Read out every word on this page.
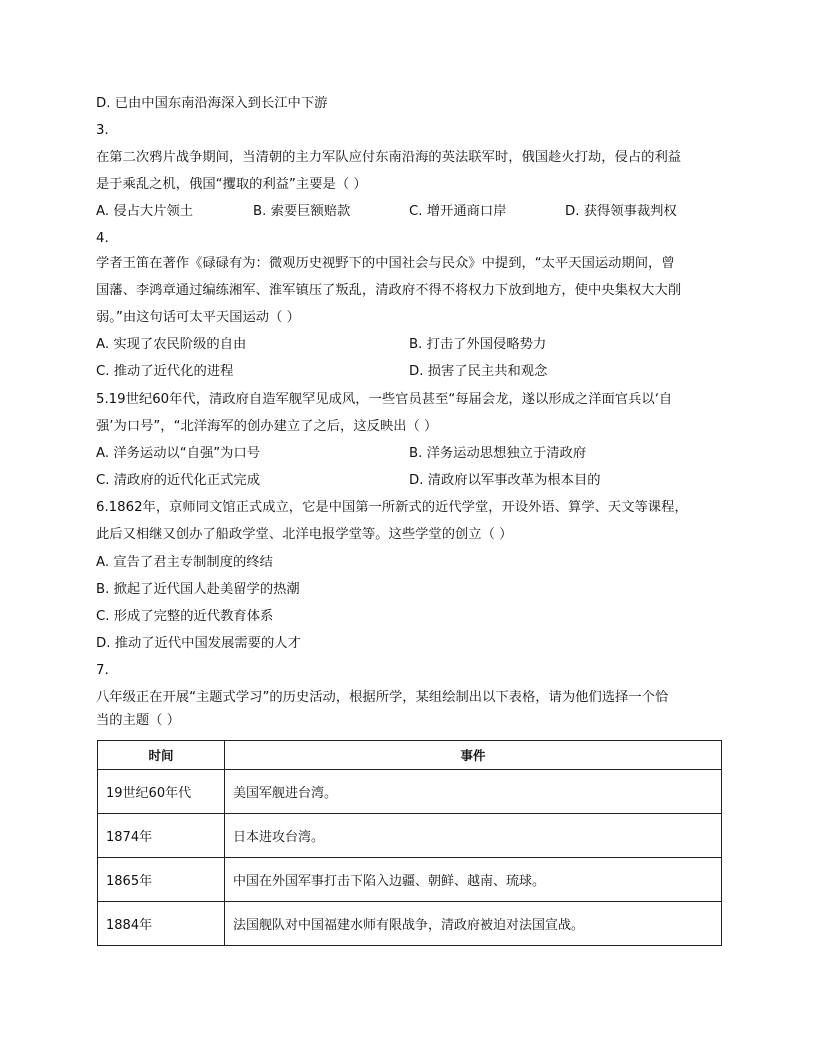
D. 已由中国东南沿海深入到长江中下游
3.
在第二次鸦片战争期间，当清朝的主力军队应付东南沿海的英法联军时，俄国趁火打劫，侵占的利益
是于乘乱之机，俄国“攫取的利益”主要是（ ）
A. 侵占大片领土	B. 索要巨额赔款	C. 增开通商口岸	D. 获得领事裁判权
4.
学者王笛在著作《碌碌有为：微观历史视野下的中国社会与民众》中提到，“太平天国运动期间，曾
国藩、李鸿章通过编练湘军、淮军镇压了叛乱，清政府不得不将权力下放到地方，使中央集权大大削
弱。”由这句话可太平天国运动（ ）
A. 实现了农民阶级的自由	B. 打击了外国侵略势力
C. 推动了近代化的进程	D. 损害了民主共和观念
5.19世纪60年代，清政府自造军舰罕见成风，一些官员甚至“每届会龙，遂以形成之洋面官兵以‘自
强’为口号”，“北洋海军的创办建立了之后，这反映出（ ）
A. 洋务运动以“自强”为口号	B. 洋务运动思想独立于清政府
C. 清政府的近代化正式完成	D. 清政府以军事改革为根本目的
6.1862年，京师同文馆正式成立，它是中国第一所新式的近代学堂，开设外语、算学、天文等课程，
此后又相继又创办了船政学堂、北洋电报学堂等。这些学堂的创立（ ）
A. 宣告了君主专制制度的终结
B. 掀起了近代国人赴美留学的热潮
C. 形成了完整的近代教育体系
D. 推动了近代中国发展需要的人才
7.
八年级正在开展“主题式学习”的历史活动，根据所学，某组绘制出以下表格，请为他们选择一个恰
当的主题（ ）
时间	事件
19世纪60年代	美国军舰进台湾。
1874年	日本进攻台湾。
1865年	中国在外国军事打击下陷入边疆、朝鲜、越南、琉球。
1884年	法国舰队对中国福建水师有限战争，清政府被迫对法国宣战。
